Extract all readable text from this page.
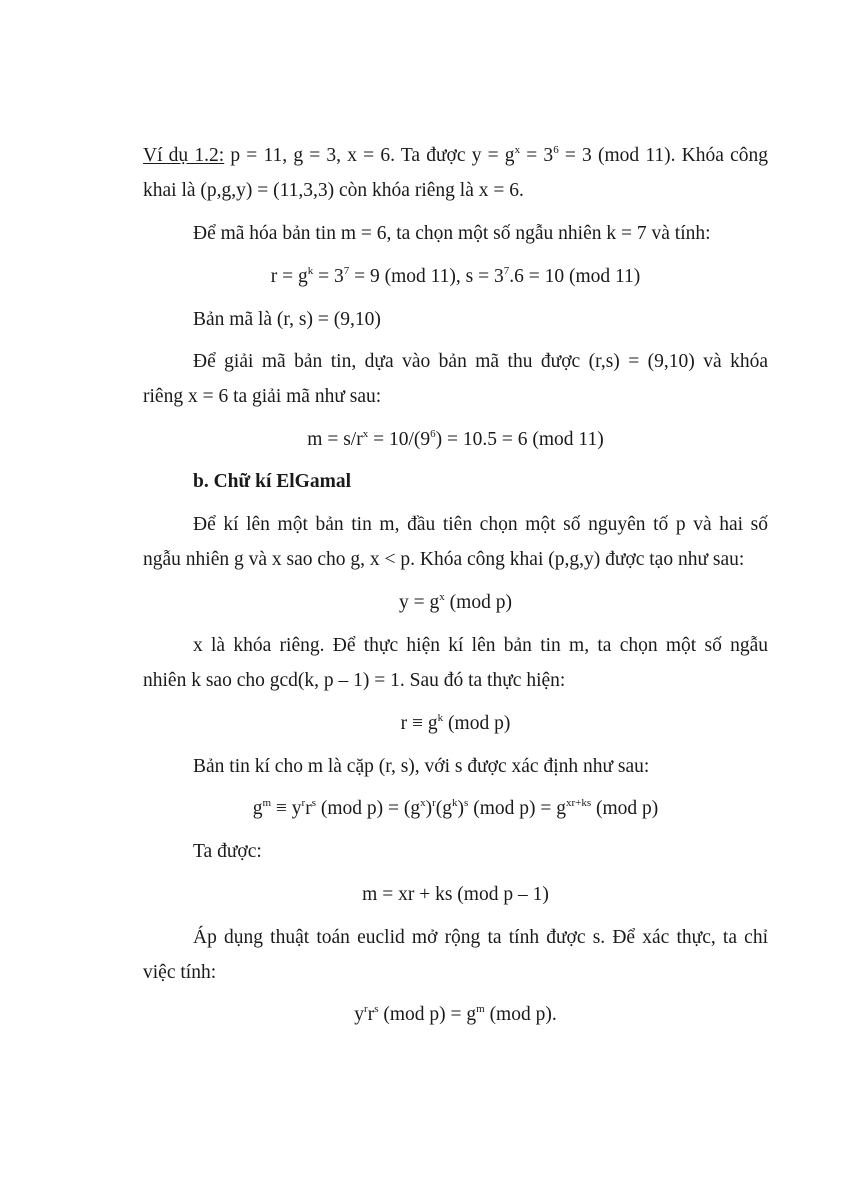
Ví dụ 1.2: p = 11, g = 3, x = 6. Ta được $y = g^x = 3^6 = 3$ (mod 11). Khóa công
khai là (p,g,y) = (11,3,3) còn khóa riêng là x = 6.
Để mã hóa bản tin m = 6, ta chọn một số ngẫu nhiên k = 7 và tính:
$r = g^k = 3^7 = 9$ (mod 11), $s = 3^7.6 = 10$ (mod 11)
Bản mã là (r, s) = (9,10)
Để giải mã bản tin, dựa vào bản mã thu được (r,s) = (9,10) và khóa
riêng x = 6 ta giải mã như sau:
$m = s/r^x = 10/(9^6) = 10.5 = 6$ (mod 11)
b. Chữ kí ElGamal
Để kí lên một bản tin m, đầu tiên chọn một số nguyên tố p và hai số
ngẫu nhiên g và x sao cho g, x < p. Khóa công khai (p,g,y) được tạo như sau:
$y = g^x$ (mod p)
x là khóa riêng. Để thực hiện kí lên bản tin m, ta chọn một số ngẫu
nhiên k sao cho gcd(k, p – 1) = 1. Sau đó ta thực hiện:
$r \equiv g^k$ (mod p)
Bản tin kí cho m là cặp (r, s), với s được xác định như sau:
$g^m \equiv y^rr^s$ (mod $p) = (g^x)^r(g^k)^s$ (mod $p) = g^{xr+ks}$ (mod p)
Ta được:
m = xr + ks (mod p – 1)
Áp dụng thuật toán euclid mở rộng ta tính được s. Để xác thực, ta chỉ
việc tính:
$y^rr^s$ (mod $p) = g^m$ (mod p).
